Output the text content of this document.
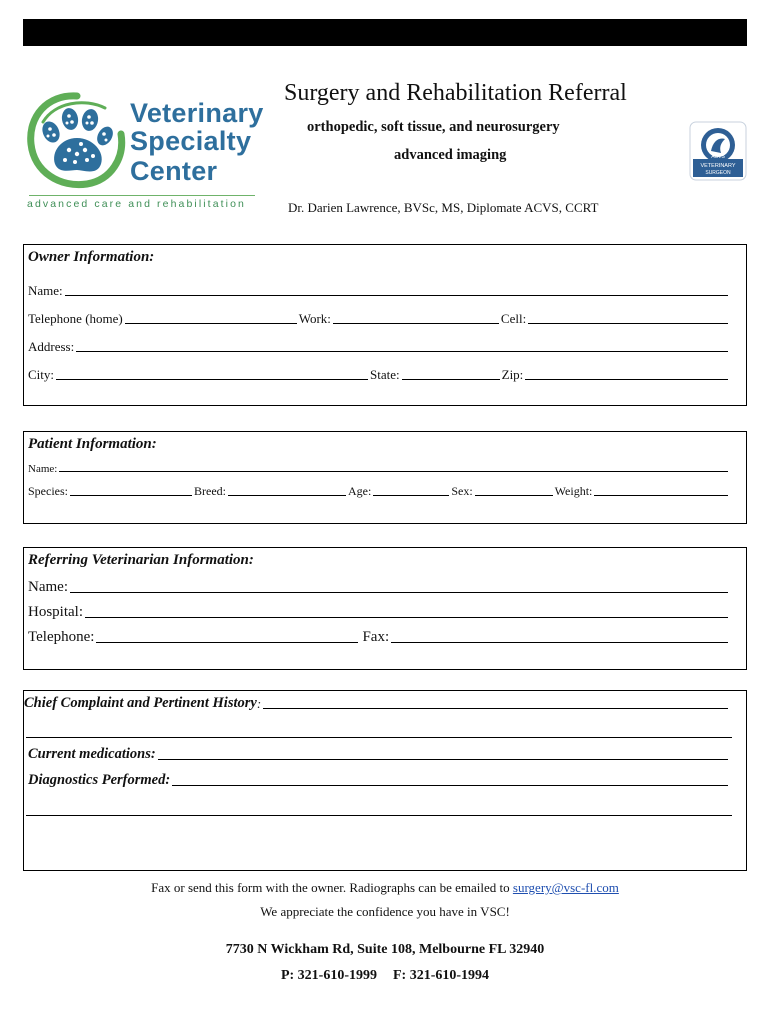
Veterinary
Specialty
Center
advanced care and rehabilitation
Surgery and Rehabilitation Referral
orthopedic, soft tissue, and neurosurgery
advanced imaging
Dr. Darien Lawrence, BVSc, MS, Diplomate ACVS, CCRT
ACVS
VETERINARY
SURGEON
Owner Information:
Name:
Telephone (home)	Work:	Cell:
Address:
City:	State:	Zip:
Patient Information:
Name:
Species:	Breed:	Age:	Sex:	Weight:
Referring Veterinarian Information:
Name:
Hospital:
Telephone:	Fax:
Chief Complaint and Pertinent History :
Current medications:
Diagnostics Performed:
Fax or send this form with the owner. Radiographs can be emailed to surgery@vsc-fl.com
We appreciate the confidence you have in VSC!
7730 N Wickham Rd, Suite 108, Melbourne FL 32940
P: 321-610-1999 F: 321-610-1994
